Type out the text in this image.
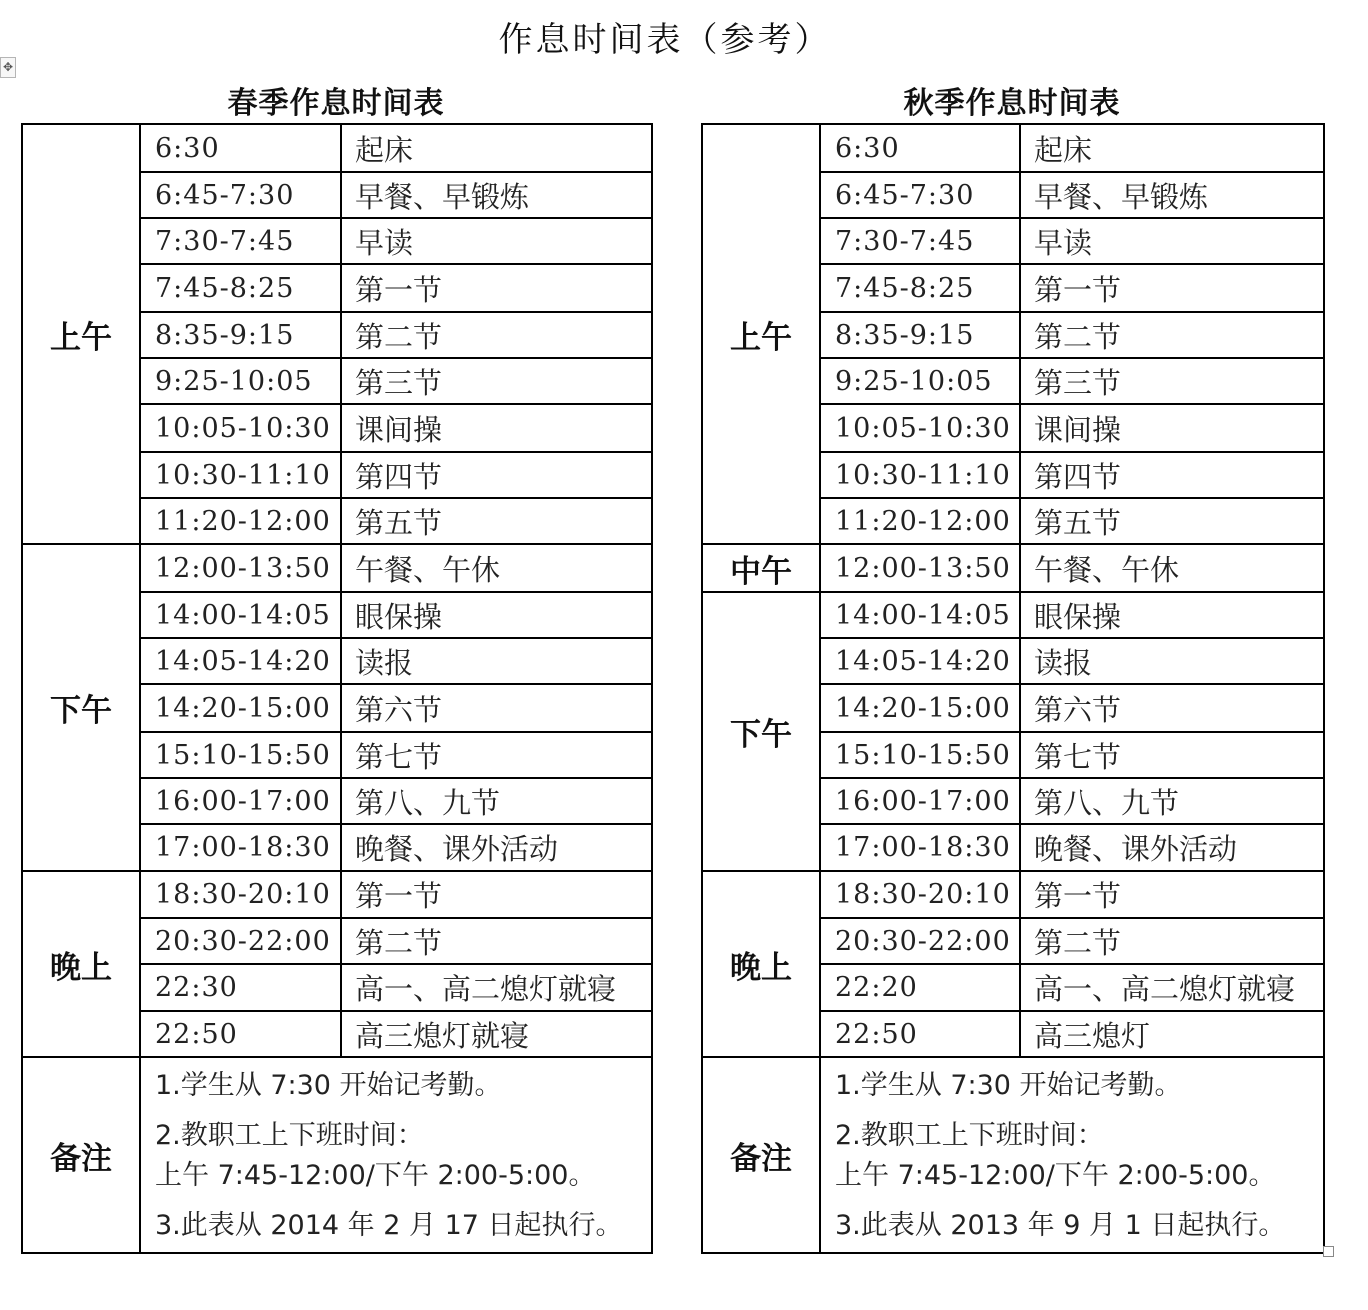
作息时间表（参考）
✥
春季作息时间表	秋季作息时间表
上午	6:30	起床
	6:45-7:30	早餐、早锻炼
	7:30-7:45	早读
	7:45-8:25	第一节
	8:35-9:15	第二节
	9:25-10:05	第三节
	10:05-10:30	课间操
	10:30-11:10	第四节
	11:20-12:00	第五节
下午	12:00-13:50	午餐、午休
	14:00-14:05	眼保操
	14:05-14:20	读报
	14:20-15:00	第六节
	15:10-15:50	第七节
	16:00-17:00	第八、九节
	17:00-18:30	晚餐、课外活动
晚上	18:30-20:10	第一节
	20:30-22:00	第二节
	22:30	高一、高二熄灯就寝
	22:50	高三熄灯就寝
备注	1.学生从 7:30 开始记考勤。
2.教职工上下班时间：
上午 7:45-12:00/下午 2:00-5:00。
3.此表从 2014 年 2 月 17 日起执行。	
上午	6:30	起床
	6:45-7:30	早餐、早锻炼
	7:30-7:45	早读
	7:45-8:25	第一节
	8:35-9:15	第二节
	9:25-10:05	第三节
	10:05-10:30	课间操
	10:30-11:10	第四节
	11:20-12:00	第五节
中午	12:00-13:50	午餐、午休
下午	14:00-14:05	眼保操
	14:05-14:20	读报
	14:20-15:00	第六节
	15:10-15:50	第七节
	16:00-17:00	第八、九节
	17:00-18:30	晚餐、课外活动
晚上	18:30-20:10	第一节
	20:30-22:00	第二节
	22:20	高一、高二熄灯就寝
	22:50	高三熄灯
备注	1.学生从 7:30 开始记考勤。
2.教职工上下班时间：
上午 7:45-12:00/下午 2:00-5:00。
3.此表从 2013 年 9 月 1 日起执行。	
